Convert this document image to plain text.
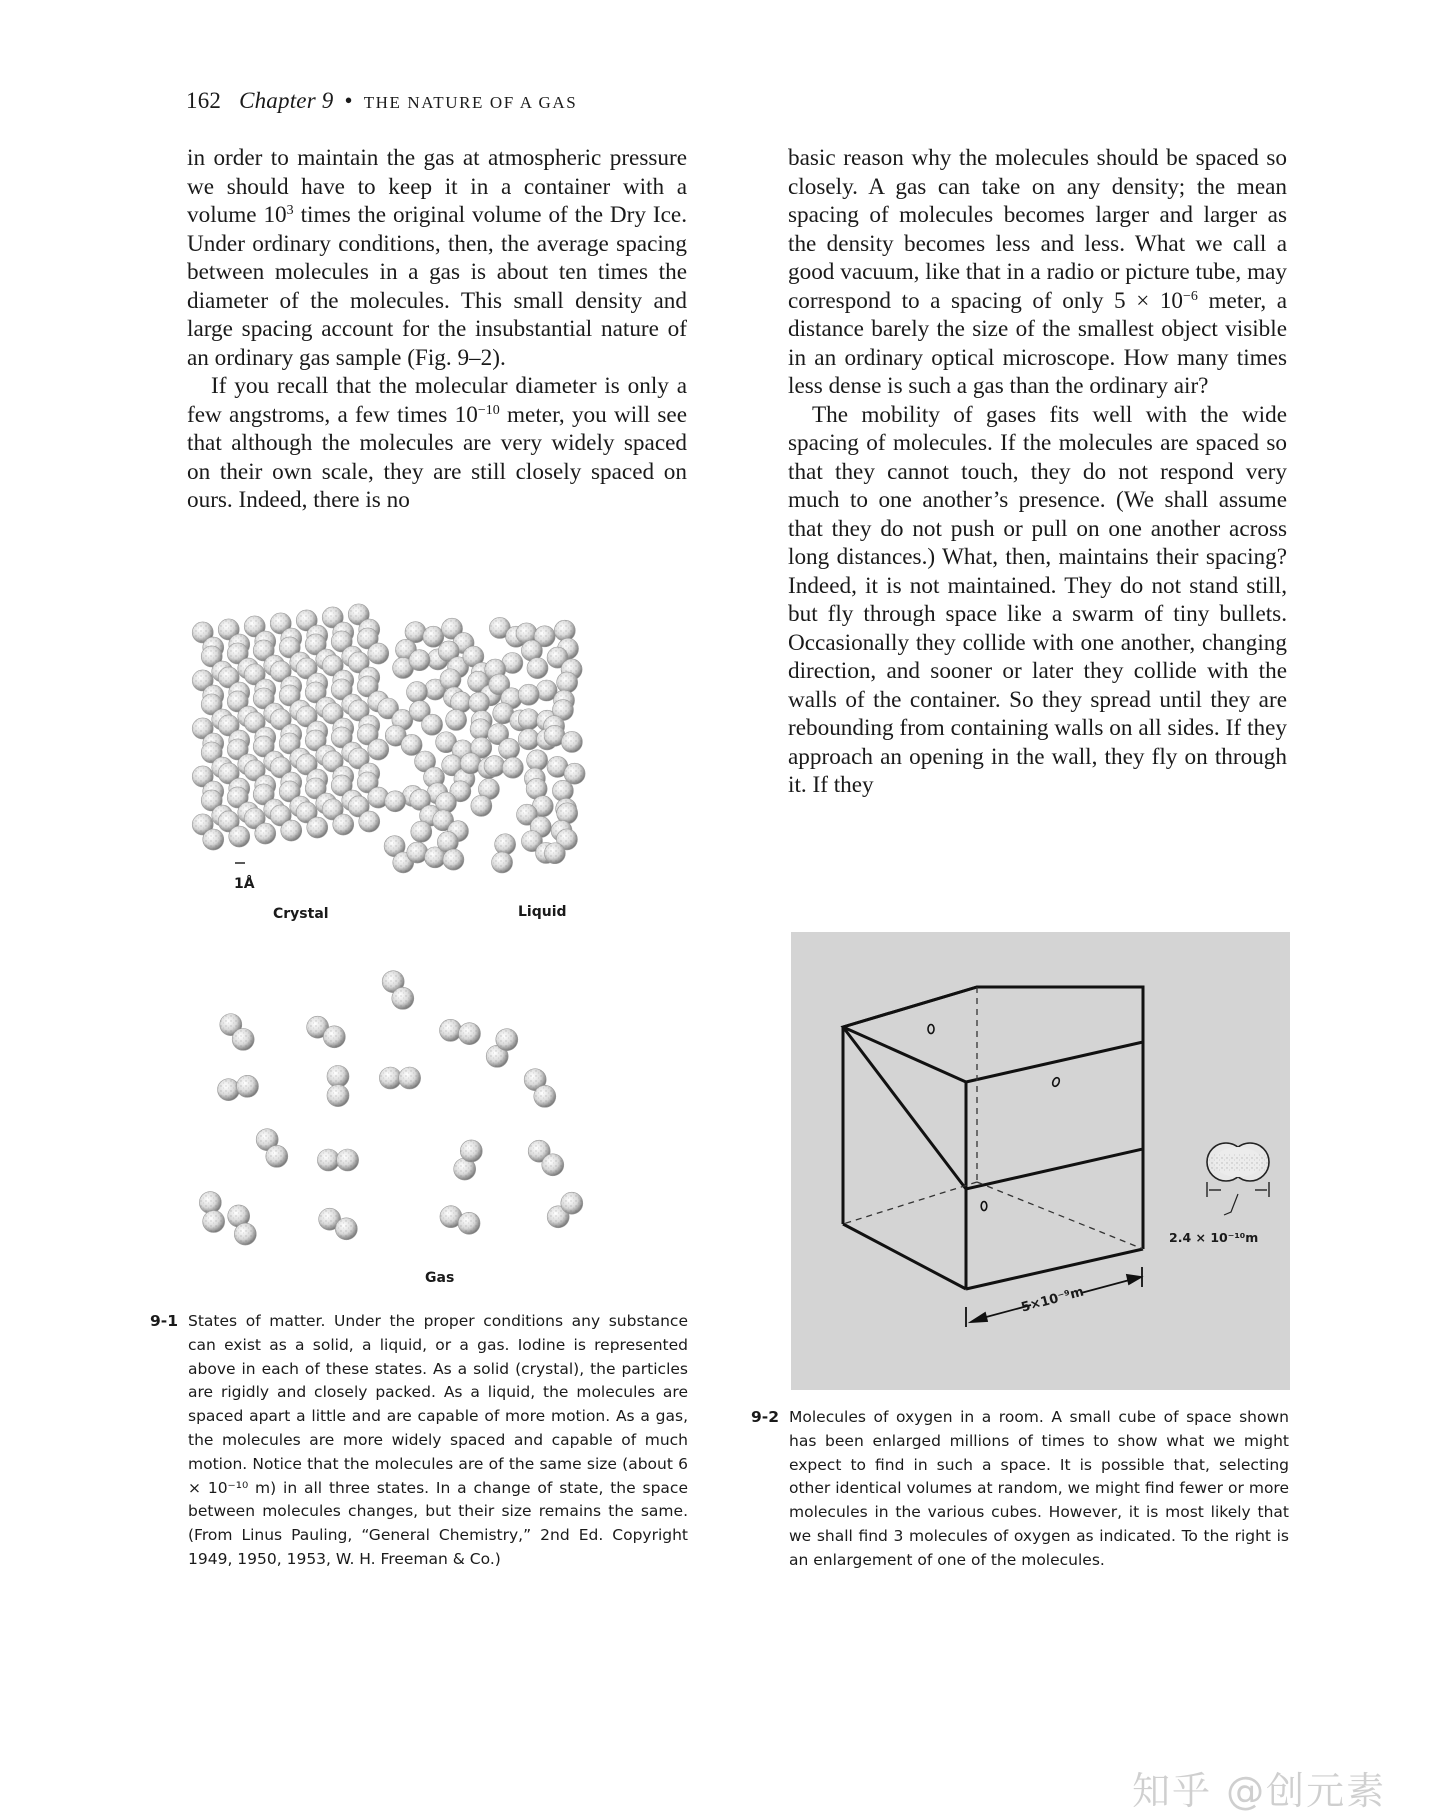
162 Chapter 9 • THE NATURE OF A GAS

in order to maintain the gas at atmospheric pressure we should have to keep it in a container with a volume $10^3$ times the original volume of the Dry Ice. Under ordinary conditions, then, the average spacing between molecules in a gas is about ten times the diameter of the molecules. This small density and large spacing account for the insubstantial nature of an ordinary gas sample (Fig. 9–2).

If you recall that the molecular diameter is only a few angstroms, a few times $10^{-10}$ meter, you will see that although the molecules are very widely spaced on their own scale, they are still closely spaced on ours. Indeed, there is no

basic reason why the molecules should be spaced so closely. A gas can take on any density; the mean spacing of molecules becomes larger and larger as the density becomes less and less. What we call a good vacuum, like that in a radio or picture tube, may correspond to a spacing of only $5 \times 10^{-6}$ meter, a distance barely the size of the smallest object visible in an ordinary optical microscope. How many times less dense is such a gas than the ordinary air?

The mobility of gases fits well with the wide spacing of molecules. If the molecules are spaced so that they cannot touch, they do not respond very much to one another’s presence. (We shall assume that they do not push or pull on one another across long distances.) What, then, maintains their spacing? Indeed, it is not maintained. They do not stand still, but fly through space like a swarm of tiny bullets. Occasionally they collide with one another, changing direction, and sooner or later they collide with the walls of the container. So they spread until they are rebounding from containing walls on all sides. If they approach an opening in the wall, they fly on through it. If they

1Å
Crystal	Liquid
Gas
9-1 States of matter. Under the proper conditions any substance can exist as a solid, a liquid, or a gas. Iodine is represented above in each of these states. As a solid (crystal), the particles are rigidly and closely packed. As a liquid, the molecules are spaced apart a little and are capable of more motion. As a gas, the molecules are more widely spaced and capable of much motion. Notice that the molecules are of the same size (about 6 × 10⁻¹⁰ m) in all three states. In a change of state, the space between molecules changes, but their size remains the same. (From Linus Pauling, “General Chemistry,” 2nd Ed. Copyright 1949, 1950, 1953, W. H. Freeman & Co.)
5×10⁻⁹m
2.4 × 10⁻¹⁰m
9-2 Molecules of oxygen in a room. A small cube of space shown has been enlarged millions of times to show what we might expect to find in such a space. It is possible that, selecting other identical volumes at random, we might find fewer or more molecules in the various cubes. However, it is most likely that we shall find 3 molecules of oxygen as indicated. To the right is an enlargement of one of the molecules.
知乎 @创元素
